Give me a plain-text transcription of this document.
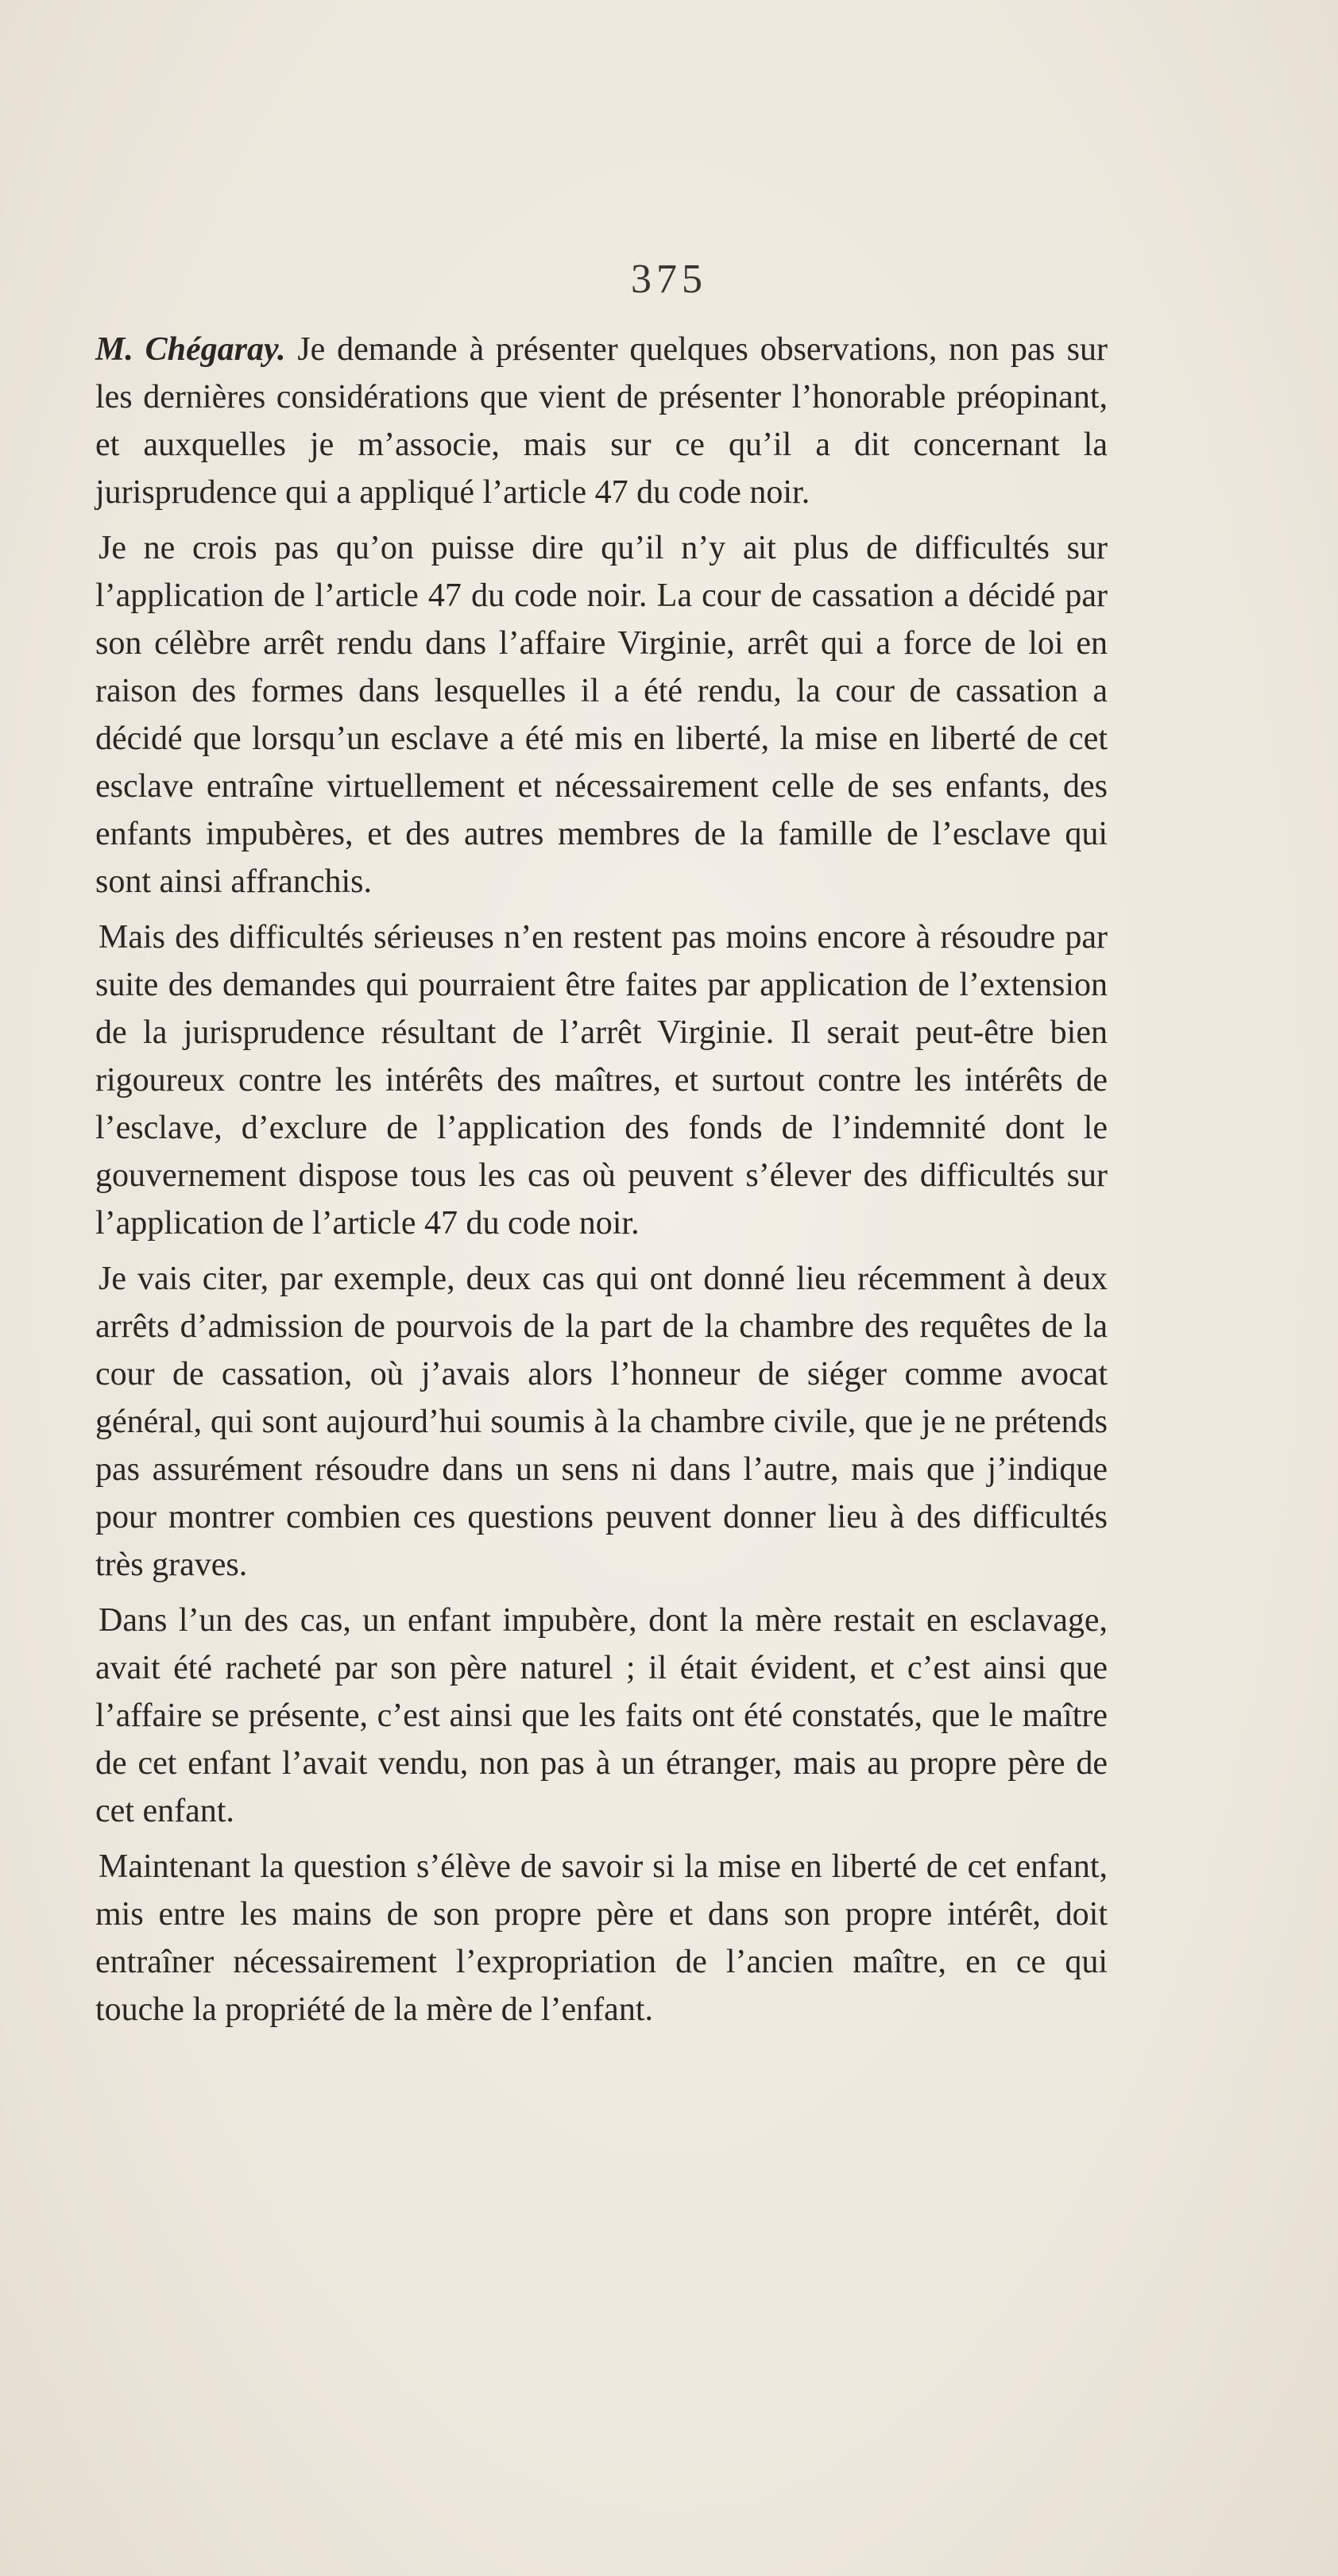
375

M. Chégaray. Je demande à présenter quelques observations, non pas sur les dernières considérations que vient de présenter l’honorable préopinant, et auxquelles je m’associe, mais sur ce qu’il a dit concernant la jurisprudence qui a appliqué l’article 47 du code noir.

Je ne crois pas qu’on puisse dire qu’il n’y ait plus de difficultés sur l’application de l’article 47 du code noir. La cour de cassation a décidé par son célèbre arrêt rendu dans l’affaire Virginie, arrêt qui a force de loi en raison des formes dans lesquelles il a été rendu, la cour de cassation a décidé que lorsqu’un esclave a été mis en liberté, la mise en liberté de cet esclave entraîne virtuellement et nécessairement celle de ses enfants, des enfants impubères, et des autres membres de la famille de l’esclave qui sont ainsi affranchis.

Mais des difficultés sérieuses n’en restent pas moins encore à résoudre par suite des demandes qui pourraient être faites par application de l’extension de la jurisprudence résultant de l’arrêt Virginie. Il serait peut-être bien rigoureux contre les intérêts des maîtres, et surtout contre les intérêts de l’esclave, d’exclure de l’application des fonds de l’indemnité dont le gouvernement dispose tous les cas où peuvent s’élever des difficultés sur l’application de l’article 47 du code noir.

Je vais citer, par exemple, deux cas qui ont donné lieu récemment à deux arrêts d’admission de pourvois de la part de la chambre des requêtes de la cour de cassation, où j’avais alors l’honneur de siéger comme avocat général, qui sont aujourd’hui soumis à la chambre civile, que je ne prétends pas assurément résoudre dans un sens ni dans l’autre, mais que j’indique pour montrer combien ces questions peuvent donner lieu à des difficultés très graves.

Dans l’un des cas, un enfant impubère, dont la mère restait en esclavage, avait été racheté par son père naturel ; il était évident, et c’est ainsi que l’affaire se présente, c’est ainsi que les faits ont été constatés, que le maître de cet enfant l’avait vendu, non pas à un étranger, mais au propre père de cet enfant.

Maintenant la question s’élève de savoir si la mise en liberté de cet enfant, mis entre les mains de son propre père et dans son propre intérêt, doit entraîner nécessairement l’expropriation de l’ancien maître, en ce qui touche la propriété de la mère de l’enfant.
